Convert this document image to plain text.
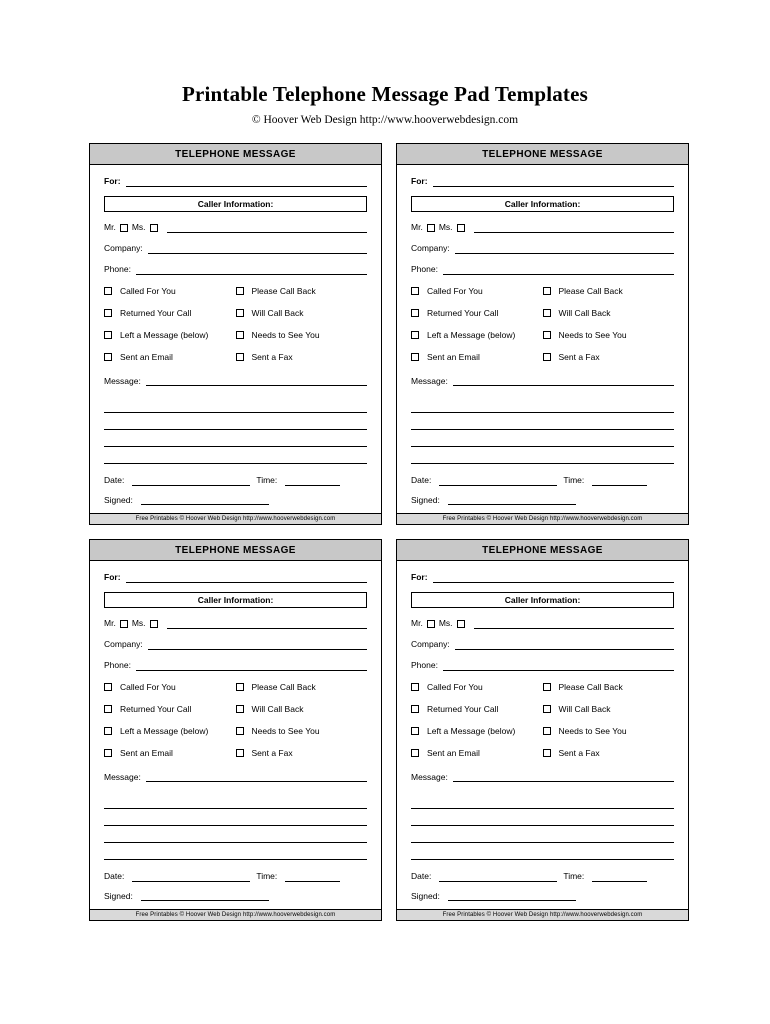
Printable Telephone Message Pad Templates

© Hoover Web Design http://www.hooverwebdesign.com

TELEPHONE MESSAGE
For:
Caller Information:
Mr. Ms.
Company:
Phone:
Called For You	Please Call Back
Returned Your Call	Will Call Back
Left a Message (below)	Needs to See You
Sent an Email	Sent a Fax
Message:
Date:	Time:
Signed:
Free Printables © Hoover Web Design http://www.hooverwebdesign.com
TELEPHONE MESSAGE
For:
Caller Information:
Mr. Ms.
Company:
Phone:
Called For You	Please Call Back
Returned Your Call	Will Call Back
Left a Message (below)	Needs to See You
Sent an Email	Sent a Fax
Message:
Date:	Time:
Signed:
Free Printables © Hoover Web Design http://www.hooverwebdesign.com
TELEPHONE MESSAGE
For:
Caller Information:
Mr. Ms.
Company:
Phone:
Called For You	Please Call Back
Returned Your Call	Will Call Back
Left a Message (below)	Needs to See You
Sent an Email	Sent a Fax
Message:
Date:	Time:
Signed:
Free Printables © Hoover Web Design http://www.hooverwebdesign.com
TELEPHONE MESSAGE
For:
Caller Information:
Mr. Ms.
Company:
Phone:
Called For You	Please Call Back
Returned Your Call	Will Call Back
Left a Message (below)	Needs to See You
Sent an Email	Sent a Fax
Message:
Date:	Time:
Signed:
Free Printables © Hoover Web Design http://www.hooverwebdesign.com
